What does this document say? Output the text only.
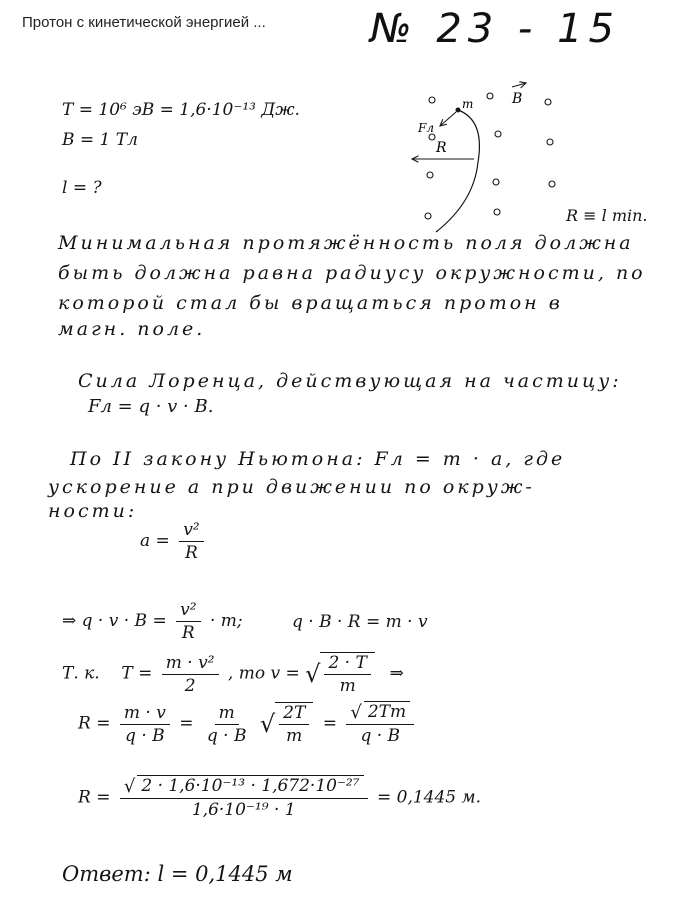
Протон с кинетической энергией ...	№ 23 - 15
T = 10⁶ эВ = 1,6·10⁻¹³ Дж.
B = 1 Тл
l = ?
B
Fл
m
R
R ≡ l min.
Минимальная протяжённость поля должна
быть должна равна радиусу окружности, по
которой стал бы вращаться протон в
магн. поле.
Сила Лоренца, действующая на частицу:
Fл = q · v · B.
По II закону Ньютона: Fл = m · a, где
ускорение a при движении по окруж-
ности:
$a = \frac{\text{v²}}{R}$
⇒ $q \cdot v \cdot B = \frac{\text{v²}}{R} \cdot m$;	q · B · R = m · v
Т. к. $T = \frac{\text{m · v²}}{2}$ , то v = √ $\frac{2 \cdot T}{m}$ ⇒
$R = \frac{m \cdot v}{q \cdot B} = \frac{m}{q \cdot B}$ √ $\frac{2T}{m} = \frac{√ 2Tm}{q \cdot B}$
$R = \frac{\text{√ 2 · 1,6·10⁻¹³ · 1,672·10⁻²⁷}}{\text{1,6·10⁻¹⁹ · 1}} = 0,1445$ м.
Ответ: l = 0,1445 м
